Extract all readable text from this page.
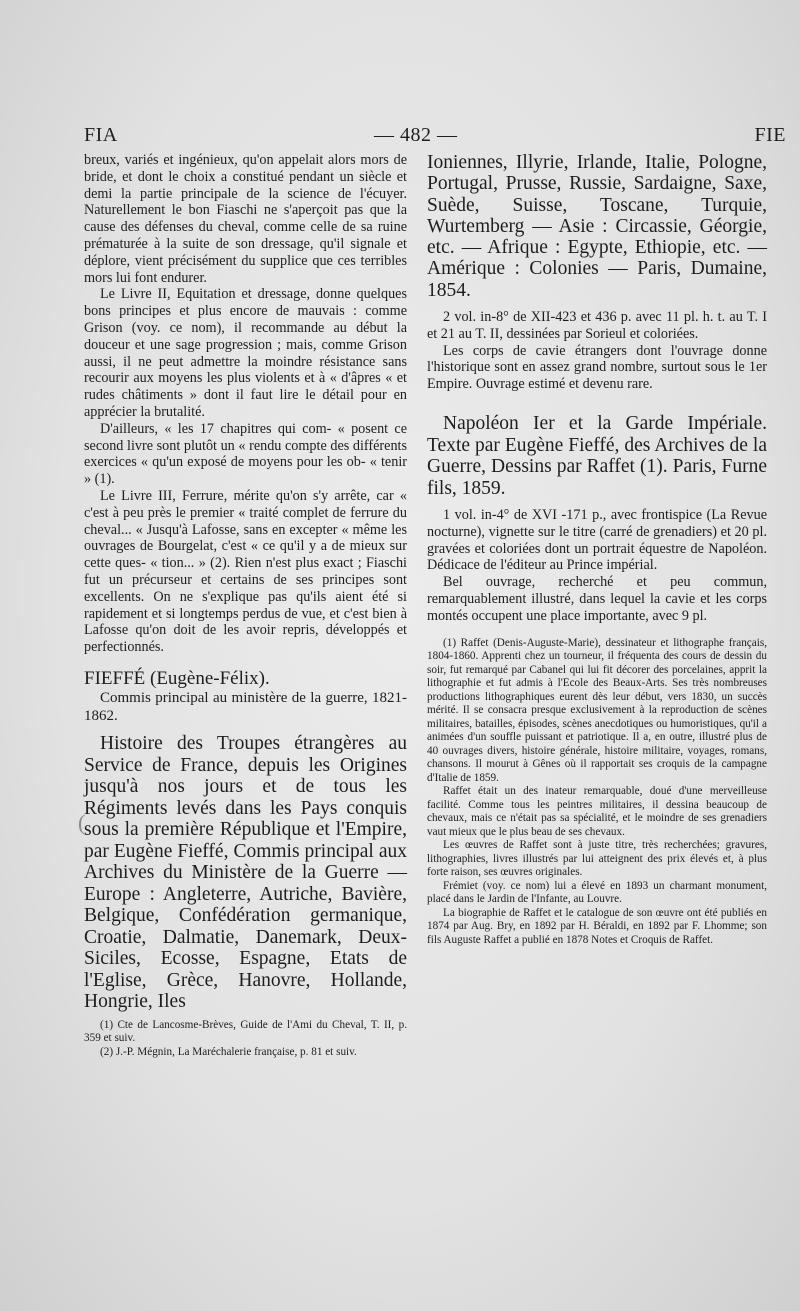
FIA	— 482 —	FIE
(

breux, variés et ingénieux, qu'on appelait alors mors de bride, et dont le choix a constitué pendant un siècle et demi la partie principale de la science de l'écuyer. Naturellement le bon Fiaschi ne s'aperçoit pas que la cause des défenses du cheval, comme celle de sa ruine prématurée à la suite de son dressage, qu'il signale et déplore, vient précisément du supplice que ces terribles mors lui font endurer.

Le Livre II, Equitation et dressage, donne quelques bons principes et plus encore de mauvais : comme Grison (voy. ce nom), il recommande au début la douceur et une sage progression ; mais, comme Grison aussi, il ne peut admettre la moindre résistance sans recourir aux moyens les plus violents et à « d'âpres « et rudes châtiments » dont il faut lire le détail pour en apprécier la brutalité.

D'ailleurs, « les 17 chapitres qui com- « posent ce second livre sont plutôt un « rendu compte des différents exercices « qu'un exposé de moyens pour les ob- « tenir » (1).

Le Livre III, Ferrure, mérite qu'on s'y arrête, car « c'est à peu près le premier « traité complet de ferrure du cheval... « Jusqu'à Lafosse, sans en excepter « même les ouvrages de Bourgelat, c'est « ce qu'il y a de mieux sur cette ques- « tion... » (2). Rien n'est plus exact ; Fiaschi fut un précurseur et certains de ses principes sont excellents. On ne s'explique pas qu'ils aient été si rapidement et si longtemps perdus de vue, et c'est bien à Lafosse qu'on doit de les avoir repris, développés et perfectionnés.

FIEFFÉ (Eugène-Félix).

Commis principal au ministère de la guerre, 1821-1862.

Histoire des Troupes étrangères au Service de France, depuis les Origines jusqu'à nos jours et de tous les Régiments levés dans les Pays conquis sous la première République et l'Empire, par Eugène Fieffé, Commis principal aux Archives du Ministère de la Guerre — Europe : Angleterre, Autriche, Bavière, Belgique, Confédération germanique, Croatie, Dalmatie, Danemark, Deux-Siciles, Ecosse, Espagne, Etats de l'Eglise, Grèce, Hanovre, Hollande, Hongrie, Iles

(1) Cte de Lancosme-Brèves, Guide de l'Ami du Cheval, T. II, p. 359 et suiv.

(2) J.-P. Mégnin, La Maréchalerie française, p. 81 et suiv.

Ioniennes, Illyrie, Irlande, Italie, Pologne, Portugal, Prusse, Russie, Sardaigne, Saxe, Suède, Suisse, Toscane, Turquie, Wurtemberg — Asie : Circassie, Géorgie, etc. — Afrique : Egypte, Ethiopie, etc. — Amérique : Colonies — Paris, Dumaine, 1854.

2 vol. in-8° de XII-423 et 436 p. avec 11 pl. h. t. au T. I et 21 au T. II, dessinées par Sorieul et coloriées.

Les corps de cavie étrangers dont l'ouvrage donne l'historique sont en assez grand nombre, surtout sous le 1er Empire. Ouvrage estimé et devenu rare.

Napoléon Ier et la Garde Impériale. Texte par Eugène Fieffé, des Archives de la Guerre, Dessins par Raffet (1). Paris, Furne fils, 1859.

1 vol. in-4° de XVI -171 p., avec frontispice (La Revue nocturne), vignette sur le titre (carré de grenadiers) et 20 pl. gravées et coloriées dont un portrait équestre de Napoléon. Dédicace de l'éditeur au Prince impérial.

Bel ouvrage, recherché et peu commun, remarquablement illustré, dans lequel la cavie et les corps montés occupent une place importante, avec 9 pl.

(1) Raffet (Denis-Auguste-Marie), dessinateur et lithographe français, 1804-1860. Apprenti chez un tourneur, il fréquenta des cours de dessin du soir, fut remarqué par Cabanel qui lui fit décorer des porcelaines, apprit la lithographie et fut admis à l'Ecole des Beaux-Arts. Ses très nombreuses productions lithographiques eurent dès leur début, vers 1830, un succès mérité. Il se consacra presque exclusivement à la reproduction de scènes militaires, batailles, épisodes, scènes anecdotiques ou humoristiques, qu'il a animées d'un souffle puissant et patriotique. Il a, en outre, illustré plus de 40 ouvrages divers, histoire générale, histoire militaire, voyages, romans, chansons. Il mourut à Gênes où il rapportait ses croquis de la campagne d'Italie de 1859.

Raffet était un des inateur remarquable, doué d'une merveilleuse facilité. Comme tous les peintres militaires, il dessina beaucoup de chevaux, mais ce n'était pas sa spécialité, et le moindre de ses grenadiers vaut mieux que le plus beau de ses chevaux.

Les œuvres de Raffet sont à juste titre, très recherchées; gravures, lithographies, livres illustrés par lui atteignent des prix élevés et, à plus forte raison, ses œuvres originales.

Frémiet (voy. ce nom) lui a élevé en 1893 un charmant monument, placé dans le Jardin de l'Infante, au Louvre.

La biographie de Raffet et le catalogue de son œuvre ont été publiés en 1874 par Aug. Bry, en 1892 par H. Béraldi, en 1892 par F. Lhomme; son fils Auguste Raffet a publié en 1878 Notes et Croquis de Raffet.
